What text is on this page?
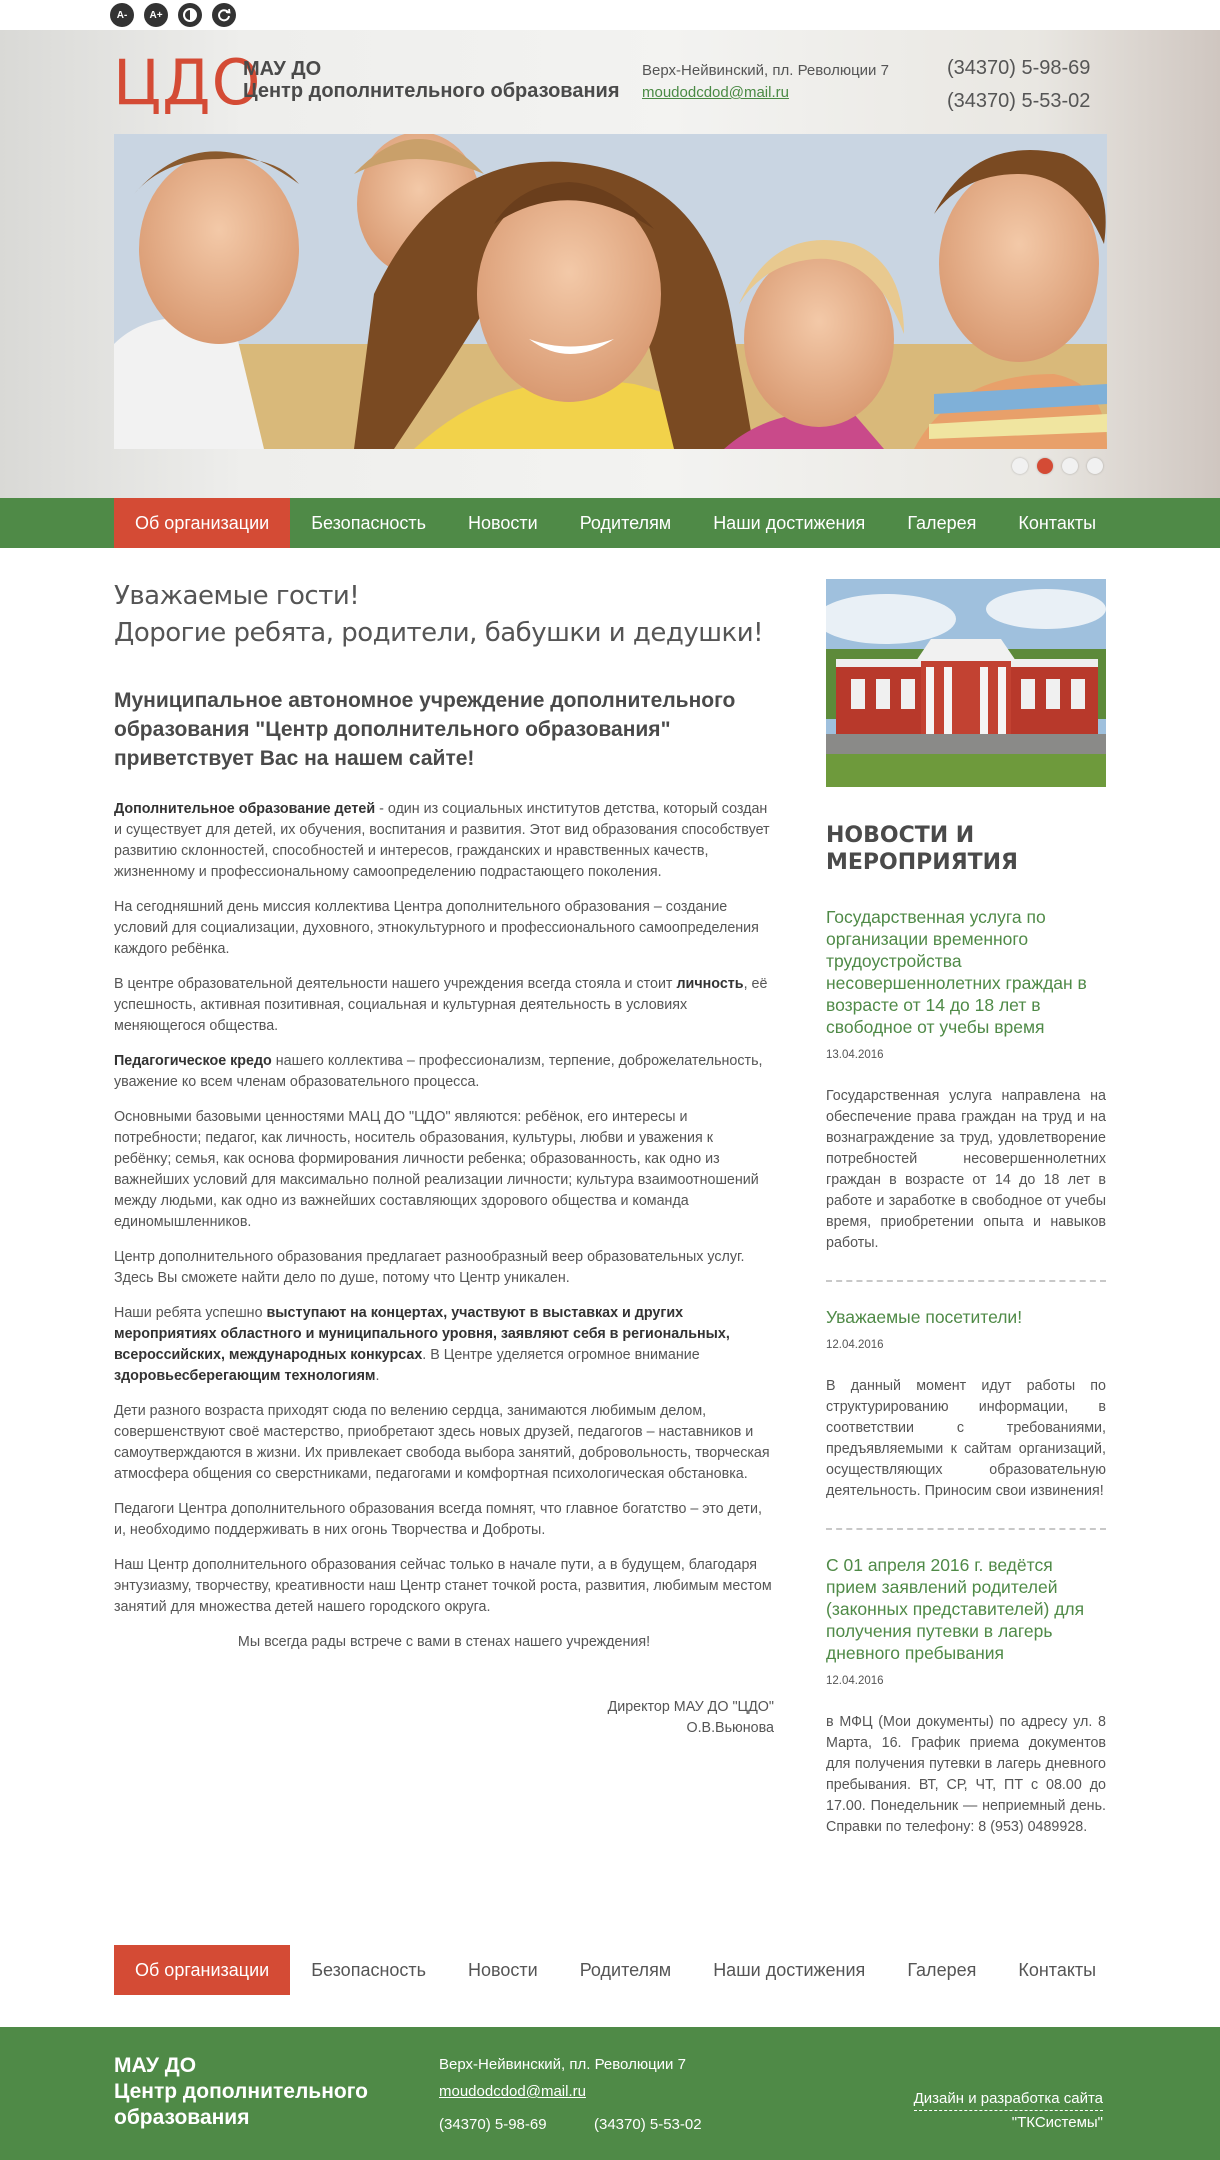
A-	A+
ЦДО
МАУ ДО
Центр дополнительного образования
Верх-Нейвинский, пл. Революции 7
moudodcdod@mail.ru
(34370) 5-98-69
(34370) 5-53-02
Об организации	Безопасность	Новости	Родителям	Наши достижения	Галерея	Контакты
Уважаемые гости!
Дорогие ребята, родители, бабушки и дедушки!
Муниципальное автономное учреждение дополнительного образования "Центр дополнительного образования" приветствует Вас на нашем сайте!

Дополнительное образование детей - один из социальных институтов детства, который создан и существует для детей, их обучения, воспитания и развития. Этот вид образования способствует развитию склонностей, способностей и интересов, гражданских и нравственных качеств, жизненному и профессиональному самоопределению подрастающего поколения.

На сегодняшний день миссия коллектива Центра дополнительного образования – создание условий для социализации, духовного, этнокультурного и профессионального самоопределения каждого ребёнка.

В центре образовательной деятельности нашего учреждения всегда стояла и стоит личность, её успешность, активная позитивная, социальная и культурная деятельность в условиях меняющегося общества.

Педагогическое кредо нашего коллектива – профессионализм, терпение, доброжелательность, уважение ко всем членам образовательного процесса.

Основными базовыми ценностями МАЦ ДО "ЦДО" являются: ребёнок, его интересы и потребности; педагог, как личность, носитель образования, культуры, любви и уважения к ребёнку; семья, как основа формирования личности ребенка; образованность, как одно из важнейших условий для максимально полной реализации личности; культура взаимоотношений между людьми, как одно из важнейших составляющих здорового общества и команда единомышленников.

Центр дополнительного образования предлагает разнообразный веер образовательных услуг. Здесь Вы сможете найти дело по душе, потому что Центр уникален.

Наши ребята успешно выступают на концертах, участвуют в выставках и других мероприятиях областного и муниципального уровня, заявляют себя в региональных, всероссийских, международных конкурсах. В Центре уделяется огромное внимание здоровьесберегающим технологиям.

Дети разного возраста приходят сюда по велению сердца, занимаются любимым делом, совершенствуют своё мастерство, приобретают здесь новых друзей, педагогов – наставников и самоутверждаются в жизни. Их привлекает свобода выбора занятий, добровольность, творческая атмосфера общения со сверстниками, педагогами и комфортная психологическая обстановка.

Педагоги Центра дополнительного образования всегда помнят, что главное богатство – это дети, и, необходимо поддерживать в них огонь Творчества и Доброты.

Наш Центр дополнительного образования сейчас только в начале пути, а в будущем, благодаря энтузиазму, творчеству, креативности наш Центр станет точкой роста, развития, любимым местом занятий для множества детей нашего городского округа.

Мы всегда рады встрече с вами в стенах нашего учреждения!

Директор МАУ ДО "ЦДО"
О.В.Вьюнова
НОВОСТИ И
МЕРОПРИЯТИЯ
Государственная услуга по организации временного трудоустройства несовершеннолетних граждан в возрасте от 14 до 18 лет в свободное от учебы время
13.04.2016

Государственная услуга направлена на обеспечение права граждан на труд и на вознаграждение за труд, удовлетворение потребностей несовершеннолетних граждан в возрасте от 14 до 18 лет в работе и заработке в свободное от учебы время, приобретении опыта и навыков работы.

Уважаемые посетители!
12.04.2016

В данный момент идут работы по структурированию информации, в соответствии с требованиями, предъявляемыми к сайтам организаций, осуществляющих образовательную деятельность. Приносим свои извинения!

С 01 апреля 2016 г. ведётся прием заявлений родителей (законных представителей) для получения путевки в лагерь дневного пребывания
12.04.2016

в МФЦ (Мои документы) по адресу ул. 8 Марта, 16. График приема документов для получения путевки в лагерь дневного пребывания. ВТ, СР, ЧТ, ПТ с 08.00 до 17.00. Понедельник — неприемный день. Справки по телефону: 8 (953) 0489928.

Об организации	Безопасность	Новости	Родителям	Наши достижения	Галерея	Контакты
МАУ ДО
Центр дополнительного
образования
Верх-Нейвинский, пл. Революции 7
moudodcdod@mail.ru
(34370) 5-98-69	(34370) 5-53-02
Дизайн и разработка сайта
"ТКСистемы"
